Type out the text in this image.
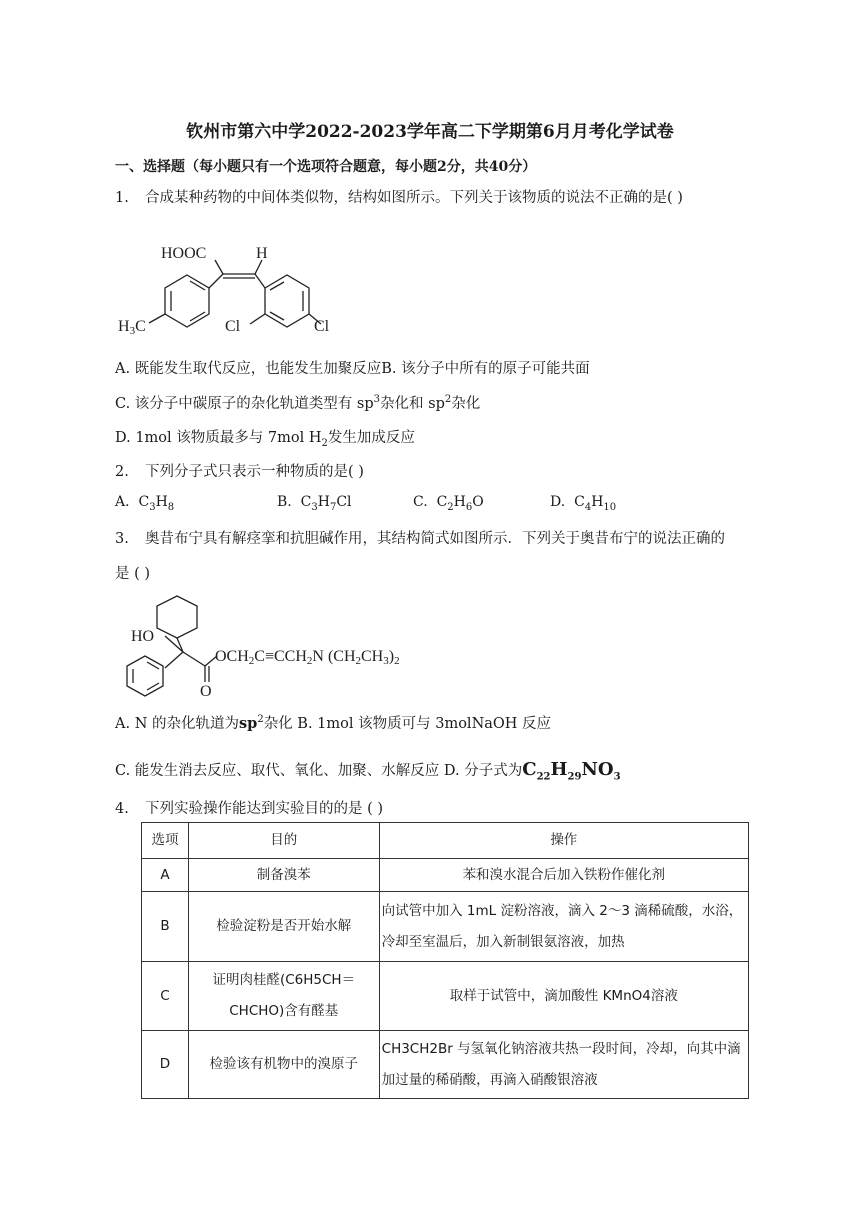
钦州市第六中学2022-2023学年高二下学期第6月月考化学试卷
一、选择题（每小题只有一个选项符合题意，每小题2分，共40分）
1. 合成某种药物的中间体类似物，结构如图所示。下列关于该物质的说法不正确的是( )
HOOC	H
H3C	Cl	Cl
A. 既能发生取代反应，也能发生加聚反应B. 该分子中所有的原子可能共面
C. 该分子中碳原子的杂化轨道类型有 $sp^3$杂化和 $sp^2$杂化
D. 1mol 该物质最多与 7mol $H_2$发生加成反应
2. 下列分子式只表示一种物质的是( )
A. $C_3H_8$	B. $C_3H_7Cl$	C. $C_2H_6O$	D. $C_4H_{10}$
3. 奥昔布宁具有解痉挛和抗胆碱作用，其结构简式如图所示．下列关于奥昔布宁的说法正确的
是 ( )
HO
OCH2C≡CCH2N (CH2CH3)2
O
A. N 的杂化轨道为$sp^2$杂化 B. 1mol 该物质可与 3molNaOH 反应
C. 能发生消去反应、取代、氧化、加聚、水解反应 D. 分子式为$C_{22}H_{29}NO_3$
4. 下列实验操作能达到实验目的的是 ( )
选项	目的	操作
A	制备溴苯	苯和溴水混合后加入铁粉作催化剂
B	检验淀粉是否开始水解	向试管中加入 1mL 淀粉溶液，滴入 2～3 滴稀硫酸，水浴，冷却至室温后，加入新制银氨溶液，加热
C	证明肉桂醛(C6H5CH＝CHCHO)含有醛基	取样于试管中，滴加酸性 KMnO4溶液
D	检验该有机物中的溴原子	CH3CH2Br 与氢氧化钠溶液共热一段时间，冷却，向其中滴加过量的稀硝酸，再滴入硝酸银溶液
